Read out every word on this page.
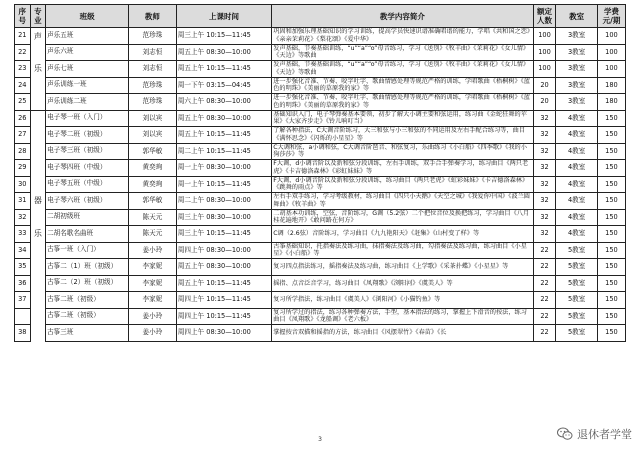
序号	专业	班级	教师	上课时间	教学内容简介	额定人数	教室	学费元/期
21	声	声乐五班	范珍珠	周三上午 10:15—11:45	巩固和加强乐理基础知识的学习训练，提高学员快速识谱准确唱谱的能力，学唱《共和国之恋》《亲亲茉莉花》《梨花颂》《爱中华》	100	3教室	100
22		声乐六班	刘志恒	周五上午 08:30—10:00	发声基础，节奏基础训练，“u”“a”“o”母音练习，学习《送别》《牧羊曲》《茉莉花》《女儿情》《天边》等歌曲	100	3教室	100
23	乐	声乐七班	刘志恒	周五上午 10:15—11:45	发声基础，节奏基础训练，“u”“a”“o”母音练习，学习《送别》《牧羊曲》《茉莉花》《女儿情》《天边》等歌曲	100	3教室	100
24		声乐训练一班	范珍珠	周一下午 03:15—04:45	进一步强化音准、节奏、咬字吐字、歌曲情感处理等规范严格的训练，学唱歌曲《梧桐树》《蓝色的明珠》《美丽的草原我的家》等	20	3教室	180
25		声乐训练二班	范珍珠	周六上午 08:30—10:00	进一步强化音准、节奏、咬字吐字、歌曲情感处理等规范严格的训练，学唱歌曲《梧桐树》《蓝色的明珠》《美丽的草原我的家》等	20	3教室	180
26		电子琴一班（入门）	刘以宾	周五上午 08:30—10:00	基础知识入门，电子琴弹奏基本要领，初步了解大小调主要和弦运用，练习曲《金蛇狂舞的苹果》《大家齐步走》《铃儿响叮当》	32	4教室	150
27		电子琴二班（初级）	刘以宾	周五上午 10:15—11:45	了解各种指法，C大调音阶练习，大三和弦与小三和弦的不同运用及左右手配合练习等，曲目《满怀思念》《闪烁的小星星》等	32	4教室	150
28		电子琴三班（初级）	郭华敏	周二上午 10:15—11:45	C大调和弦，a小调和弦，C大调音阶琶音、和弦复习，乐曲练习《小白船》《四季歌》《我的小狗莎莎》等	32	4教室	150
29		电子琴四班（中级）	黄奕珣	周一上午 08:30—10:00	F大调，d小调音阶以及新和弦分段训练，左右手训练，双手合手弹奏学习，练习曲目《两只老虎》《卡吉德洛森林》《彩虹妹妹》等	32	4教室	150
30		电子琴五班（中级）	黄奕珣	周一上午 10:15—11:45	F大调，d小调音阶以及新和弦分段训练，练习曲目《两只老虎》《虹彩妹妹》《卡吉德洛森林》《跳舞的雨点》等	32	4教室	150
31	器	电子琴六班（初级）	郭华敏	周二上午 08:30—10:00	左右手双手练习，学习考级教材，练习曲目《四只小天鹅》《天空之城》《我爱你中国》《波兰圆舞曲》《牧羊曲》等	32	4教室	150
32		二胡初级班	陈天元	周三上午 08:30—10:00	二胡基本功训练，空弦，音阶练习，G调（5.2弦）二个把位音位及换把练习，学习曲目《八月桂花遍地开》《敢问路在何方》	32	4教室	150
33	乐	二胡名歌名曲班	陈天元	周三上午 10:15—11:45	C调（2.6弦）音阶练习，学习曲目《九九艳阳天》《赶集》《山村变了样》等	32	4教室	150
34		古筝一班（入门）	姜小玲	周四上午 08:30—10:00	古筝基础知识，托指奏法及练习曲，抹指奏法及练习曲，勾指奏法及练习曲，练习曲目《小星星》《小白船》等	22	5教室	150
35		古筝二（1）班（初级）	李家妮	周五上午 08:30—10:00	复习四点指法练习，摇指奏法及练习曲，练习曲目《上学歌》《采茶扑蝶》《小星星》等	22	5教室	150
36		古筝二（2）班（初级）	李家妮	周五上午 10:15—11:45	摇指、点音泛音学习，练习曲目《凤翔歌》《浏阳河》《虞美人》等	22	5教室	150
37		古筝二班（初级）	李家妮	周四上午 10:15—11:45	复习所学指法，练习曲目《虞美人》《浏阳河》《小猫钓鱼》等	22	5教室	150
		古筝二班（初级）	姜小玲	周四上午 10:15—11:45	复习所学过的指法，练习各种弹奏方法，手型，基本指法的练习，掌握上下滑音的按法，练习曲目《凤翔歌》《龙船调》《老六板》	22	5教室	150
38		古筝三班	姜小玲	周四上午 08:30—10:00	掌握按音双描和摇指的方法，练习曲目《风摆翠竹》《春苗》《长	22	5教室	150
3	退休者学堂
